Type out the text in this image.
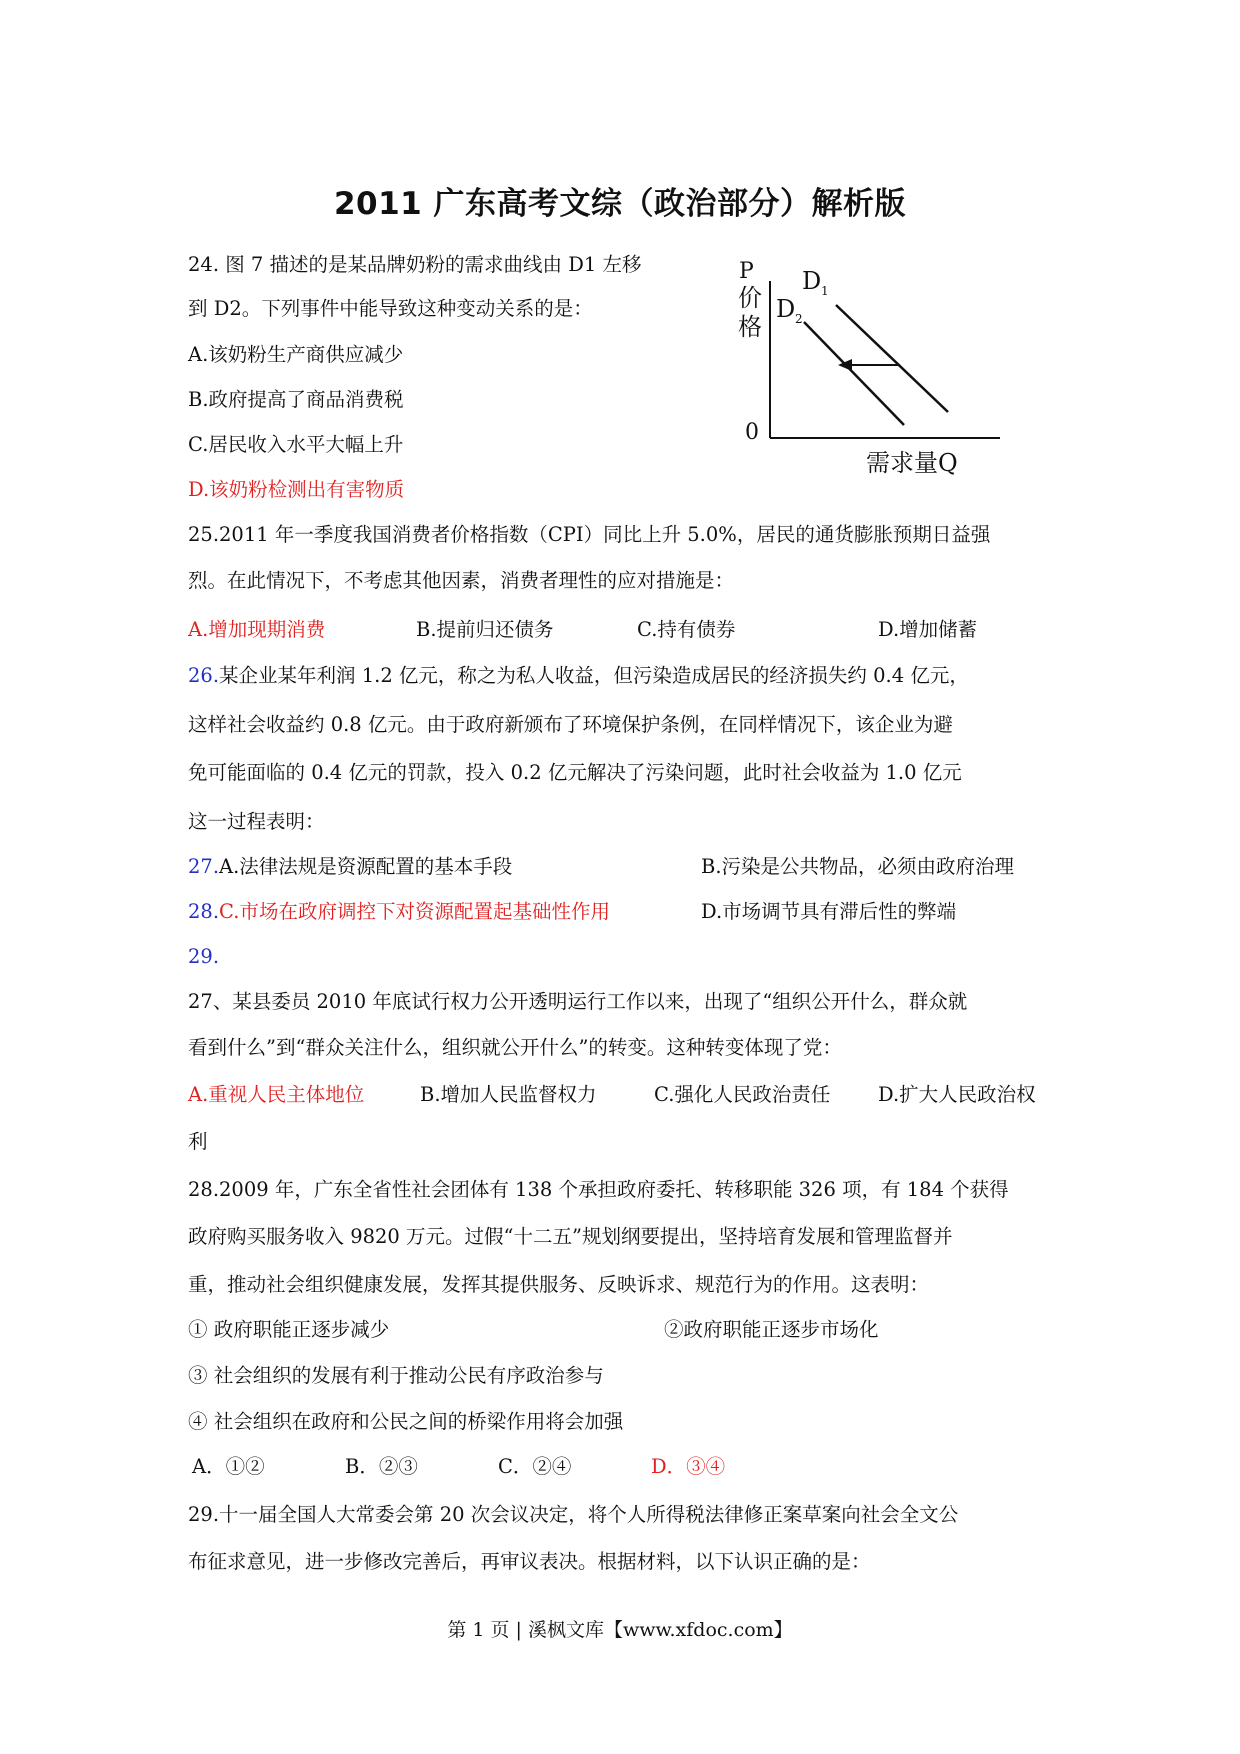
2011 广东高考文综（政治部分）解析版
24. 图 7 描述的是某品牌奶粉的需求曲线由 D1 左移
到 D2。下列事件中能导致这种变动关系的是：
A.该奶粉生产商供应减少
B.政府提高了商品消费税
C.居民收入水平大幅上升
D.该奶粉检测出有害物质
P
价
格
0
D 1
D 2
需求量Q
25.2011 年一季度我国消费者价格指数（CPI）同比上升 5.0%，居民的通货膨胀预期日益强
烈。在此情况下，不考虑其他因素，消费者理性的应对措施是：
A.增加现期消费	B.提前归还债务	C.持有债券	D.增加储蓄
26.某企业某年利润 1.2 亿元，称之为私人收益，但污染造成居民的经济损失约 0.4 亿元，
这样社会收益约 0.8 亿元。由于政府新颁布了环境保护条例，在同样情况下，该企业为避
免可能面临的 0.4 亿元的罚款，投入 0.2 亿元解决了污染问题，此时社会收益为 1.0 亿元
这一过程表明：
27.A.法律法规是资源配置的基本手段	B.污染是公共物品，必须由政府治理
28.C.市场在政府调控下对资源配置起基础性作用	D.市场调节具有滞后性的弊端
29.
27、某县委员 2010 年底试行权力公开透明运行工作以来，出现了“组织公开什么，群众就
看到什么”到“群众关注什么，组织就公开什么”的转变。这种转变体现了党：
A.重视人民主体地位	B.增加人民监督权力	C.强化人民政治责任 D.扩大人民政治权
利
28.2009 年，广东全省性社会团体有 138 个承担政府委托、转移职能 326 项，有 184 个获得
政府购买服务收入 9820 万元。过假“十二五”规划纲要提出，坚持培育发展和管理监督并
重，推动社会组织健康发展，发挥其提供服务、反映诉求、规范行为的作用。这表明：
① 政府职能正逐步减少	②政府职能正逐步市场化
③ 社会组织的发展有利于推动公民有序政治参与
④ 社会组织在政府和公民之间的桥梁作用将会加强
A．①②	B．②③	C．②④	D．③④
29.十一届全国人大常委会第 20 次会议决定，将个人所得税法律修正案草案向社会全文公
布征求意见，进一步修改完善后，再审议表决。根据材料，以下认识正确的是：
第 1 页 | 溪枫文库【www.xfdoc.com】
